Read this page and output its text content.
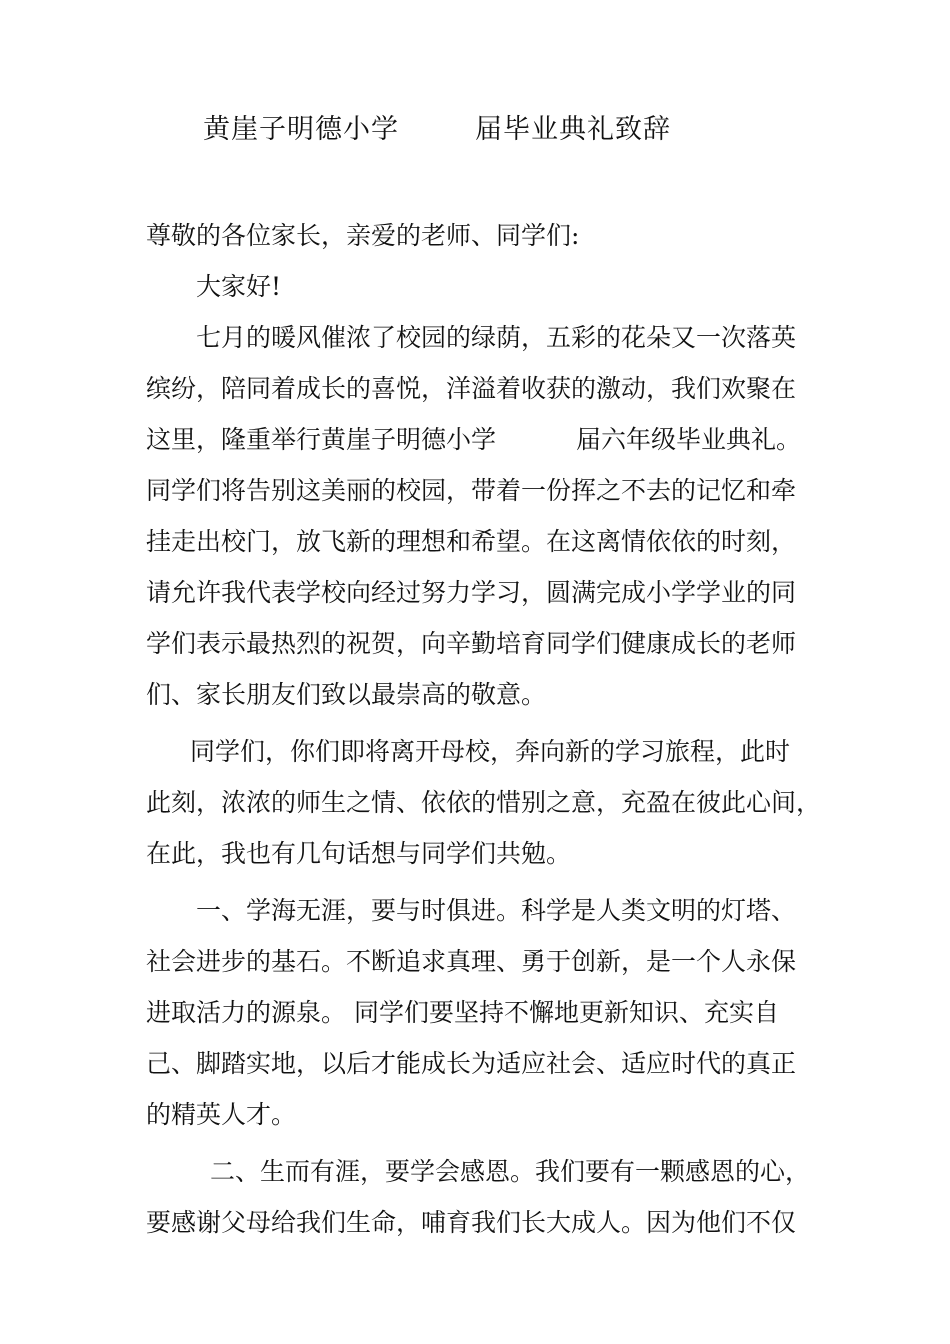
黄崖子明德小学	届毕业典礼致辞
尊敬的各位家长，亲爱的老师、同学们:
大家好!
七月的暖风催浓了校园的绿荫，五彩的花朵又一次落英
缤纷，陪同着成长的喜悦，洋溢着收获的激动，我们欢聚在
这里，隆重举行黄崖子明德小学	届六年级毕业典礼。
同学们将告别这美丽的校园，带着一份挥之不去的记忆和牵
挂走出校门，放飞新的理想和希望。在这离情依依的时刻，
请允许我代表学校向经过努力学习，圆满完成小学学业的同
学们表示最热烈的祝贺，向辛勤培育同学们健康成长的老师
们、家长朋友们致以最崇高的敬意。
同学们，你们即将离开母校，奔向新的学习旅程，此时
此刻，浓浓的师生之情、依依的惜别之意，充盈在彼此心间，
在此，我也有几句话想与同学们共勉。
一、学海无涯，要与时俱进。科学是人类文明的灯塔、
社会进步的基石。不断追求真理、勇于创新，是一个人永保
进取活力的源泉。 同学们要坚持不懈地更新知识、充实自
己、脚踏实地，以后才能成长为适应社会、适应时代的真正
的精英人才。
二、生而有涯，要学会感恩。我们要有一颗感恩的心，
要感谢父母给我们生命，哺育我们长大成人。因为他们不仅
